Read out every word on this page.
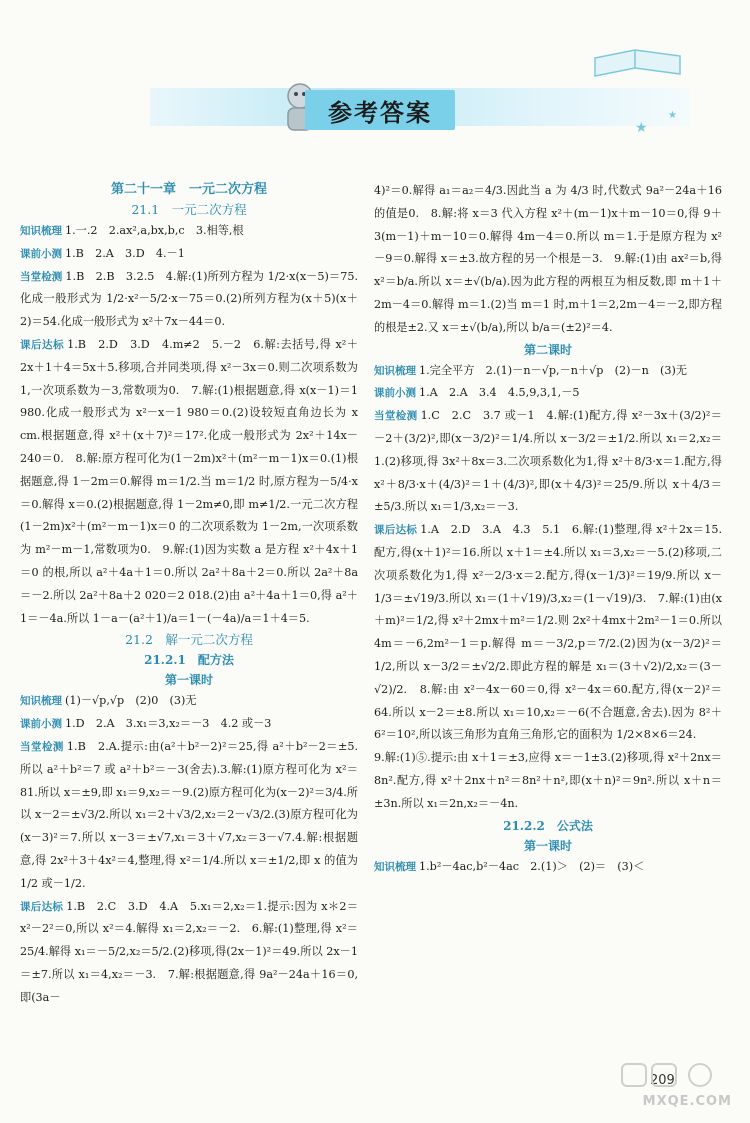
参考答案
★
★

第二十一章　一元二次方程

21.1　一元二次方程

知识梳理 1.一.2　2.ax²,a,bx,b,c　3.相等,根

课前小测 1.B　2.A　3.D　4.－1

当堂检测 1.B　2.B　3.2.5　4.解:(1)所列方程为 1/2·x(x－5)＝75.化成一般形式为 1/2·x²－5/2·x－75＝0.(2)所列方程为(x＋5)(x＋2)＝54.化成一般形式为 x²＋7x－44＝0.

课后达标 1.B　2.D　3.D　4.m≠2　5.－2　6.解:去括号,得 x²＋2x＋1＋4＝5x＋5.移项,合并同类项,得 x²－3x＝0.则二次项系数为1,一次项系数为－3,常数项为0.　7.解:(1)根据题意,得 x(x－1)＝1 980.化成一般形式为 x²－x－1 980＝0.(2)设较短直角边长为 x cm.根据题意,得 x²＋(x＋7)²＝17².化成一般形式为 2x²＋14x－240＝0.　8.解:原方程可化为(1－2m)x²＋(m²－m－1)x＝0.(1)根据题意,得 1－2m＝0.解得 m＝1/2.当 m＝1/2 时,原方程为－5/4·x＝0.解得 x＝0.(2)根据题意,得 1－2m≠0,即 m≠1/2.一元二次方程(1－2m)x²＋(m²－m－1)x＝0 的二次项系数为 1－2m,一次项系数为 m²－m－1,常数项为0.　9.解:(1)因为实数 a 是方程 x²＋4x＋1＝0 的根,所以 a²＋4a＋1＝0.所以 2a²＋8a＋2＝0.所以 2a²＋8a＝－2.所以 2a²＋8a＋2 020＝2 018.(2)由 a²＋4a＋1＝0,得 a²＋1＝－4a.所以 1－a－(a²＋1)/a＝1－(－4a)/a＝1＋4＝5.

21.2　解一元二次方程

21.2.1　配方法

第一课时

知识梳理 (1)－√p,√p　(2)0　(3)无

课前小测 1.D　2.A　3.x₁＝3,x₂＝－3　4.2 或－3

当堂检测 1.B　2.A.提示:由(a²＋b²－2)²＝25,得 a²＋b²－2＝±5.所以 a²＋b²＝7 或 a²＋b²＝－3(舍去).3.解:(1)原方程可化为 x²＝81.所以 x＝±9,即 x₁＝9,x₂＝－9.(2)原方程可化为(x－2)²＝3/4.所以 x－2＝±√3/2.所以 x₁＝2＋√3/2,x₂＝2－√3/2.(3)原方程可化为(x－3)²＝7.所以 x－3＝±√7,x₁＝3＋√7,x₂＝3－√7.4.解:根据题意,得 2x²＋3＋4x²＝4,整理,得 x²＝1/4.所以 x＝±1/2,即 x 的值为 1/2 或－1/2.

课后达标 1.B　2.C　3.D　4.A　5.x₁＝2,x₂＝1.提示:因为 x＊2＝x²－2²＝0,所以 x²＝4.解得 x₁＝2,x₂＝－2.　6.解:(1)整理,得 x²＝25/4.解得 x₁＝－5/2,x₂＝5/2.(2)移项,得(2x－1)²＝49.所以 2x－1＝±7.所以 x₁＝4,x₂＝－3.　7.解:根据题意,得 9a²－24a＋16＝0,即(3a－

4)²＝0.解得 a₁＝a₂＝4/3.因此当 a 为 4/3 时,代数式 9a²－24a＋16 的值是0.　8.解:将 x＝3 代入方程 x²＋(m－1)x＋m－10＝0,得 9＋3(m－1)＋m－10＝0.解得 4m－4＝0.所以 m＝1.于是原方程为 x²－9＝0.解得 x＝±3.故方程的另一个根是－3.　9.解:(1)由 ax²＝b,得 x²＝b/a.所以 x＝±√(b/a).因为此方程的两根互为相反数,即 m＋1＋2m－4＝0.解得 m＝1.(2)当 m＝1 时,m＋1＝2,2m－4＝－2,即方程的根是±2.又 x＝±√(b/a),所以 b/a＝(±2)²＝4.

第二课时

知识梳理 1.完全平方　2.(1)－n－√p,－n＋√p　(2)－n　(3)无

课前小测 1.A　2.A　3.4　4.5,9,3,1,－5

当堂检测 1.C　2.C　3.7 或－1　4.解:(1)配方,得 x²－3x＋(3/2)²＝－2＋(3/2)²,即(x－3/2)²＝1/4.所以 x－3/2＝±1/2.所以 x₁＝2,x₂＝1.(2)移项,得 3x²＋8x＝3.二次项系数化为1,得 x²＋8/3·x＝1.配方,得 x²＋8/3·x＋(4/3)²＝1＋(4/3)²,即(x＋4/3)²＝25/9.所以 x＋4/3＝±5/3.所以 x₁＝1/3,x₂＝－3.

课后达标 1.A　2.D　3.A　4.3　5.1　6.解:(1)整理,得 x²＋2x＝15.配方,得(x＋1)²＝16.所以 x＋1＝±4.所以 x₁＝3,x₂＝－5.(2)移项,二次项系数化为1,得 x²－2/3·x＝2.配方,得(x－1/3)²＝19/9.所以 x－1/3＝±√19/3.所以 x₁＝(1＋√19)/3,x₂＝(1－√19)/3.　7.解:(1)由(x＋m)²＝1/2,得 x²＋2mx＋m²＝1/2.则 2x²＋4mx＋2m²－1＝0.所以 4m＝－6,2m²－1＝p.解得 m＝－3/2,p＝7/2.(2)因为(x－3/2)²＝1/2,所以 x－3/2＝±√2/2.即此方程的解是 x₁＝(3＋√2)/2,x₂＝(3－√2)/2.　8.解:由 x²－4x－60＝0,得 x²－4x＝60.配方,得(x－2)²＝64.所以 x－2＝±8.所以 x₁＝10,x₂＝－6(不合题意,舍去).因为 8²＋6²＝10²,所以该三角形为直角三角形,它的面积为 1/2×8×6＝24.

9.解:(1)⑤.提示:由 x＋1＝±3,应得 x＝－1±3.(2)移项,得 x²＋2nx＝8n².配方,得 x²＋2nx＋n²＝8n²＋n²,即(x＋n)²＝9n².所以 x＋n＝±3n.所以 x₁＝2n,x₂＝－4n.

21.2.2　公式法

第一课时

知识梳理 1.b²－4ac,b²－4ac　2.(1)＞　(2)＝　(3)＜

209
MXQE.COM
